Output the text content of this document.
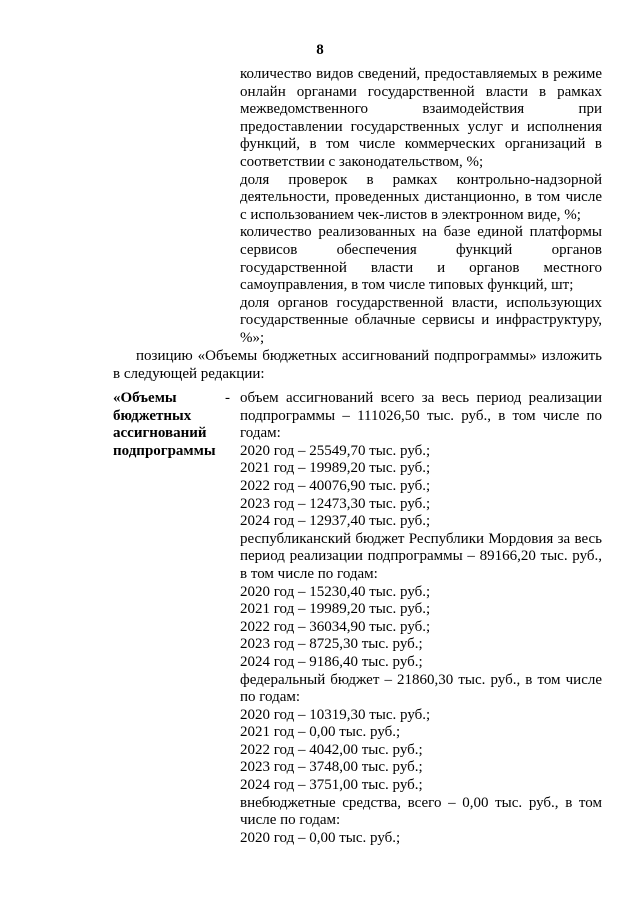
8

количество видов сведений, предоставляемых в режиме онлайн органами государственной власти в рамках межведомственного взаимодействия при предоставлении государственных услуг и исполнения функций, в том числе коммерческих организаций в соответствии с законодательством, %;

доля проверок в рамках контрольно-надзорной деятельности, проведенных дистанционно, в том числе с использованием чек-листов в электронном виде, %;

количество реализованных на базе единой платформы сервисов обеспечения функций органов государственной власти и органов местного самоуправления, в том числе типовых функций, шт;

доля органов государственной власти, использующих государственные облачные сервисы и инфраструктуру, %»;

позицию «Объемы бюджетных ассигнований подпрограммы» изложить в следующей редакции:

«Объемы бюджетных ассигнований подпрограммы

- объем ассигнований всего за весь период реализации подпрограммы – 111026,50 тыс. руб., в том числе по годам:

2020 год – 25549,70 тыс. руб.;

2021 год – 19989,20 тыс. руб.;

2022 год – 40076,90 тыс. руб.;

2023 год – 12473,30 тыс. руб.;

2024 год – 12937,40 тыс. руб.;

республиканский бюджет Республики Мордовия за весь период реализации подпрограммы – 89166,20 тыс. руб., в том числе по годам:

2020 год – 15230,40 тыс. руб.;

2021 год – 19989,20 тыс. руб.;

2022 год – 36034,90 тыс. руб.;

2023 год – 8725,30 тыс. руб.;

2024 год – 9186,40 тыс. руб.;

федеральный бюджет – 21860,30 тыс. руб., в том числе по годам:

2020 год – 10319,30 тыс. руб.;

2021 год – 0,00 тыс. руб.;

2022 год – 4042,00 тыс. руб.;

2023 год – 3748,00 тыс. руб.;

2024 год – 3751,00 тыс. руб.;

внебюджетные средства, всего – 0,00 тыс. руб., в том числе по годам:

2020 год – 0,00 тыс. руб.;
